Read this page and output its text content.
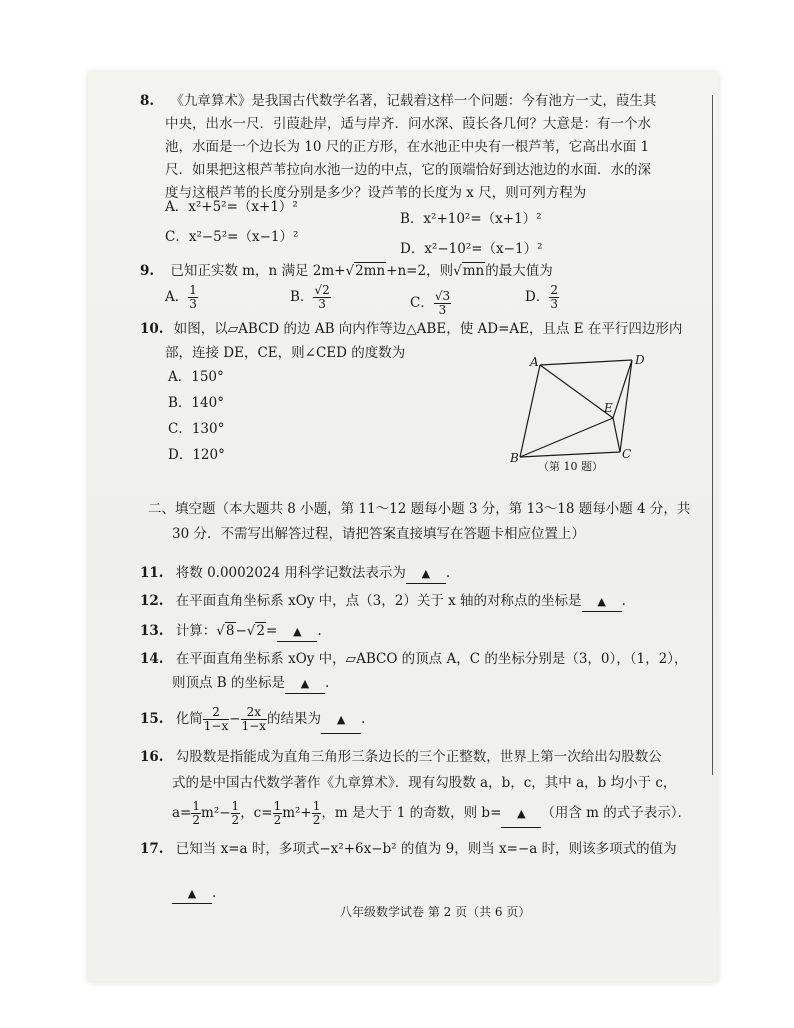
8. 《九章算术》是我国古代数学名著，记载着这样一个问题：今有池方一丈，葭生其
中央，出水一尺．引葭赴岸，适与岸齐．问水深、葭长各几何？大意是：有一个水
池，水面是一个边长为 10 尺的正方形，在水池正中央有一根芦苇，它高出水面 1
尺．如果把这根芦苇拉向水池一边的中点，它的顶端恰好到达池边的水面．水的深
度与这根芦苇的长度分别是多少？设芦苇的长度为 x 尺，则可列方程为
A．x²+5²=（x+1）²
B．x²+10²=（x+1）²
C．x²−5²=（x−1）²
D．x²−10²=（x−1）²
9. 已知正实数 m，n 满足 2m+√2mn+n=2，则√mn的最大值为
A． $\frac{1}{3}$	B． $\frac{√2}{3}$	C． $\frac{√3}{3}$	D． $\frac{2}{3}$
10. 如图，以▱ABCD 的边 AB 向内作等边△ABE，使 AD=AE，且点 E 在平行四边形内
部，连接 DE，CE，则∠CED 的度数为
A．150°
B．140°
C．130°
D．120°
A	D
E
B	C
（第 10 题）
二、填空题（本大题共 8 小题，第 11～12 题每小题 3 分，第 13～18 题每小题 4 分，共
30 分．不需写出解答过程，请把答案直接填写在答题卡相应位置上）
11. 将数 0.0002024 用科学记数法表示为 ▲ .
12. 在平面直角坐标系 xOy 中，点（3，2）关于 x 轴的对称点的坐标是 ▲ .
13. 计算：√8−√2= ▲ .
14. 在平面直角坐标系 xOy 中，▱ABCO 的顶点 A，C 的坐标分别是（3，0），（1，2），
则顶点 B 的坐标是 ▲ .
15. 化简 $\frac{2}{1-x} - \frac{2x}{1-x}$ 的结果为 ▲ .
16. 勾股数是指能成为直角三角形三条边长的三个正整数，世界上第一次给出勾股数公
式的是中国古代数学著作《九章算术》．现有勾股数 a，b，c，其中 a，b 均小于 c，
$a= \frac{1}{2} m^2- \frac{1}{2}$ ，$c= \frac{1}{2} m^2+ \frac{1}{2}$ ，m 是大于 1 的奇数，则 b= ▲ （用含 m 的式子表示）．
17. 已知当 x=a 时，多项式−x²+6x−b² 的值为 9，则当 x=−a 时，则该多项式的值为
▲ .
八年级数学试卷 第 2 页（共 6 页）
